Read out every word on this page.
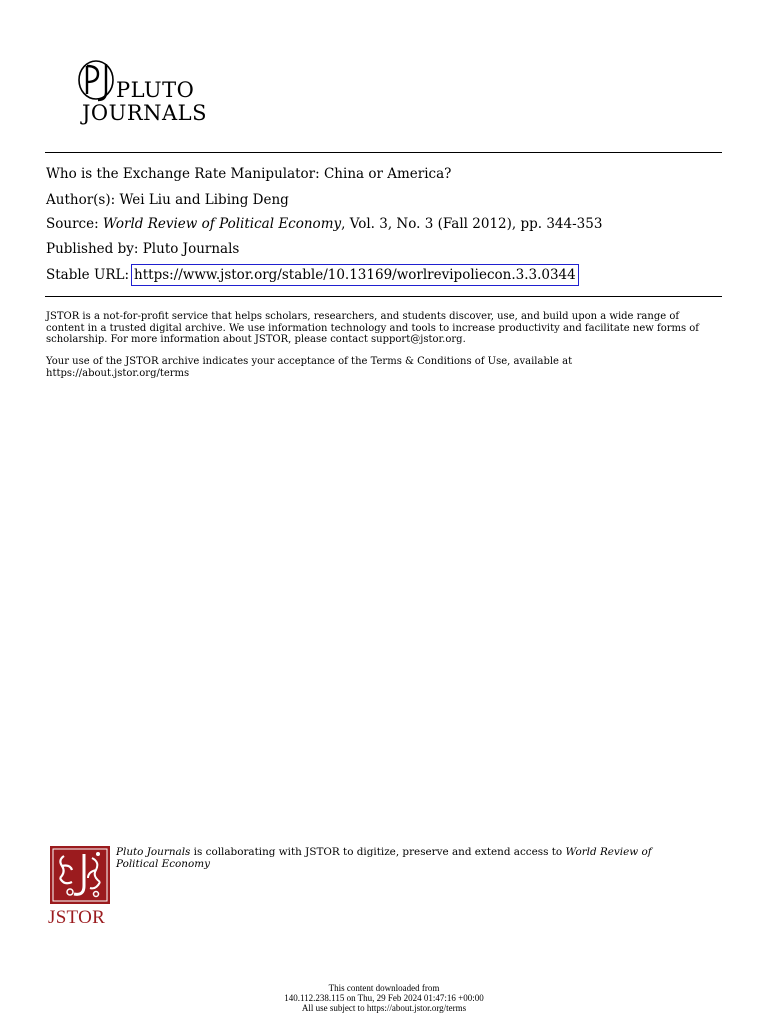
PLUTO
JOURNALS
Who is the Exchange Rate Manipulator: China or America?
Author(s): Wei Liu and Libing Deng
Source: World Review of Political Economy, Vol. 3, No. 3 (Fall 2012), pp. 344-353
Published by: Pluto Journals
Stable URL: https://www.jstor.org/stable/10.13169/worlrevipoliecon.3.3.0344
JSTOR is a not-for-profit service that helps scholars, researchers, and students discover, use, and build upon a wide range of content in a trusted digital archive. We use information technology and tools to increase productivity and facilitate new forms of scholarship. For more information about JSTOR, please contact support@jstor.org.
Your use of the JSTOR archive indicates your acceptance of the Terms & Conditions of Use, available at https://about.jstor.org/terms
JSTOR
Pluto Journals is collaborating with JSTOR to digitize, preserve and extend access to World Review of Political Economy
This content downloaded from
140.112.238.115 on Thu, 29 Feb 2024 01:47:16 +00:00
All use subject to https://about.jstor.org/terms
